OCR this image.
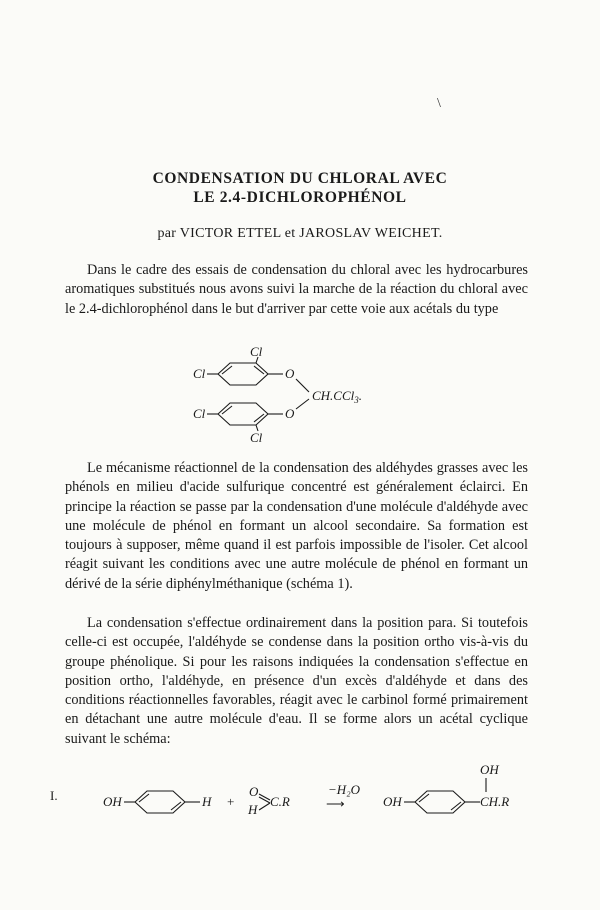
\
CONDENSATION DU CHLORAL AVEC
LE 2.4-DICHLOROPHÉNOL
par VICTOR ETTEL et JAROSLAV WEICHET.

Dans le cadre des essais de condensation du chloral avec les hydrocarbures aromatiques substitués nous avons suivi la marche de la réaction du chloral avec le 2.4-dichlorophénol dans le but d'arriver par cette voie aux acétals du type

Cl
Cl
Cl
Cl
O
O
CH.CCl$_3$.

Le mécanisme réactionnel de la condensation des aldéhydes grasses avec les phénols en milieu d'acide sulfurique concentré est généralement éclairci. En principe la réaction se passe par la condensation d'une molécule d'aldéhyde avec une molécule de phénol en formant un alcool secondaire. Sa formation est toujours à supposer, même quand il est parfois impossible de l'isoler. Cet alcool réagit suivant les conditions avec une autre molécule de phénol en formant un dérivé de la série diphénylméthanique (schéma 1).

La condensation s'effectue ordinairement dans la position para. Si toutefois celle-ci est occupée, l'aldéhyde se condense dans la position ortho vis-à-vis du groupe phénolique. Si pour les raisons indiquées la condensation s'effectue en position ortho, l'aldéhyde, en présence d'un excès d'aldéhyde et dans des conditions réactionnelles favorables, réagit avec le carbinol formé primairement en détachant une autre molécule d'eau. Il se forme alors un acétal cyclique suivant le schéma:

I.	OH	H +
O
H
C.R
−H₂O
⟶	OH
OH
CH.R
